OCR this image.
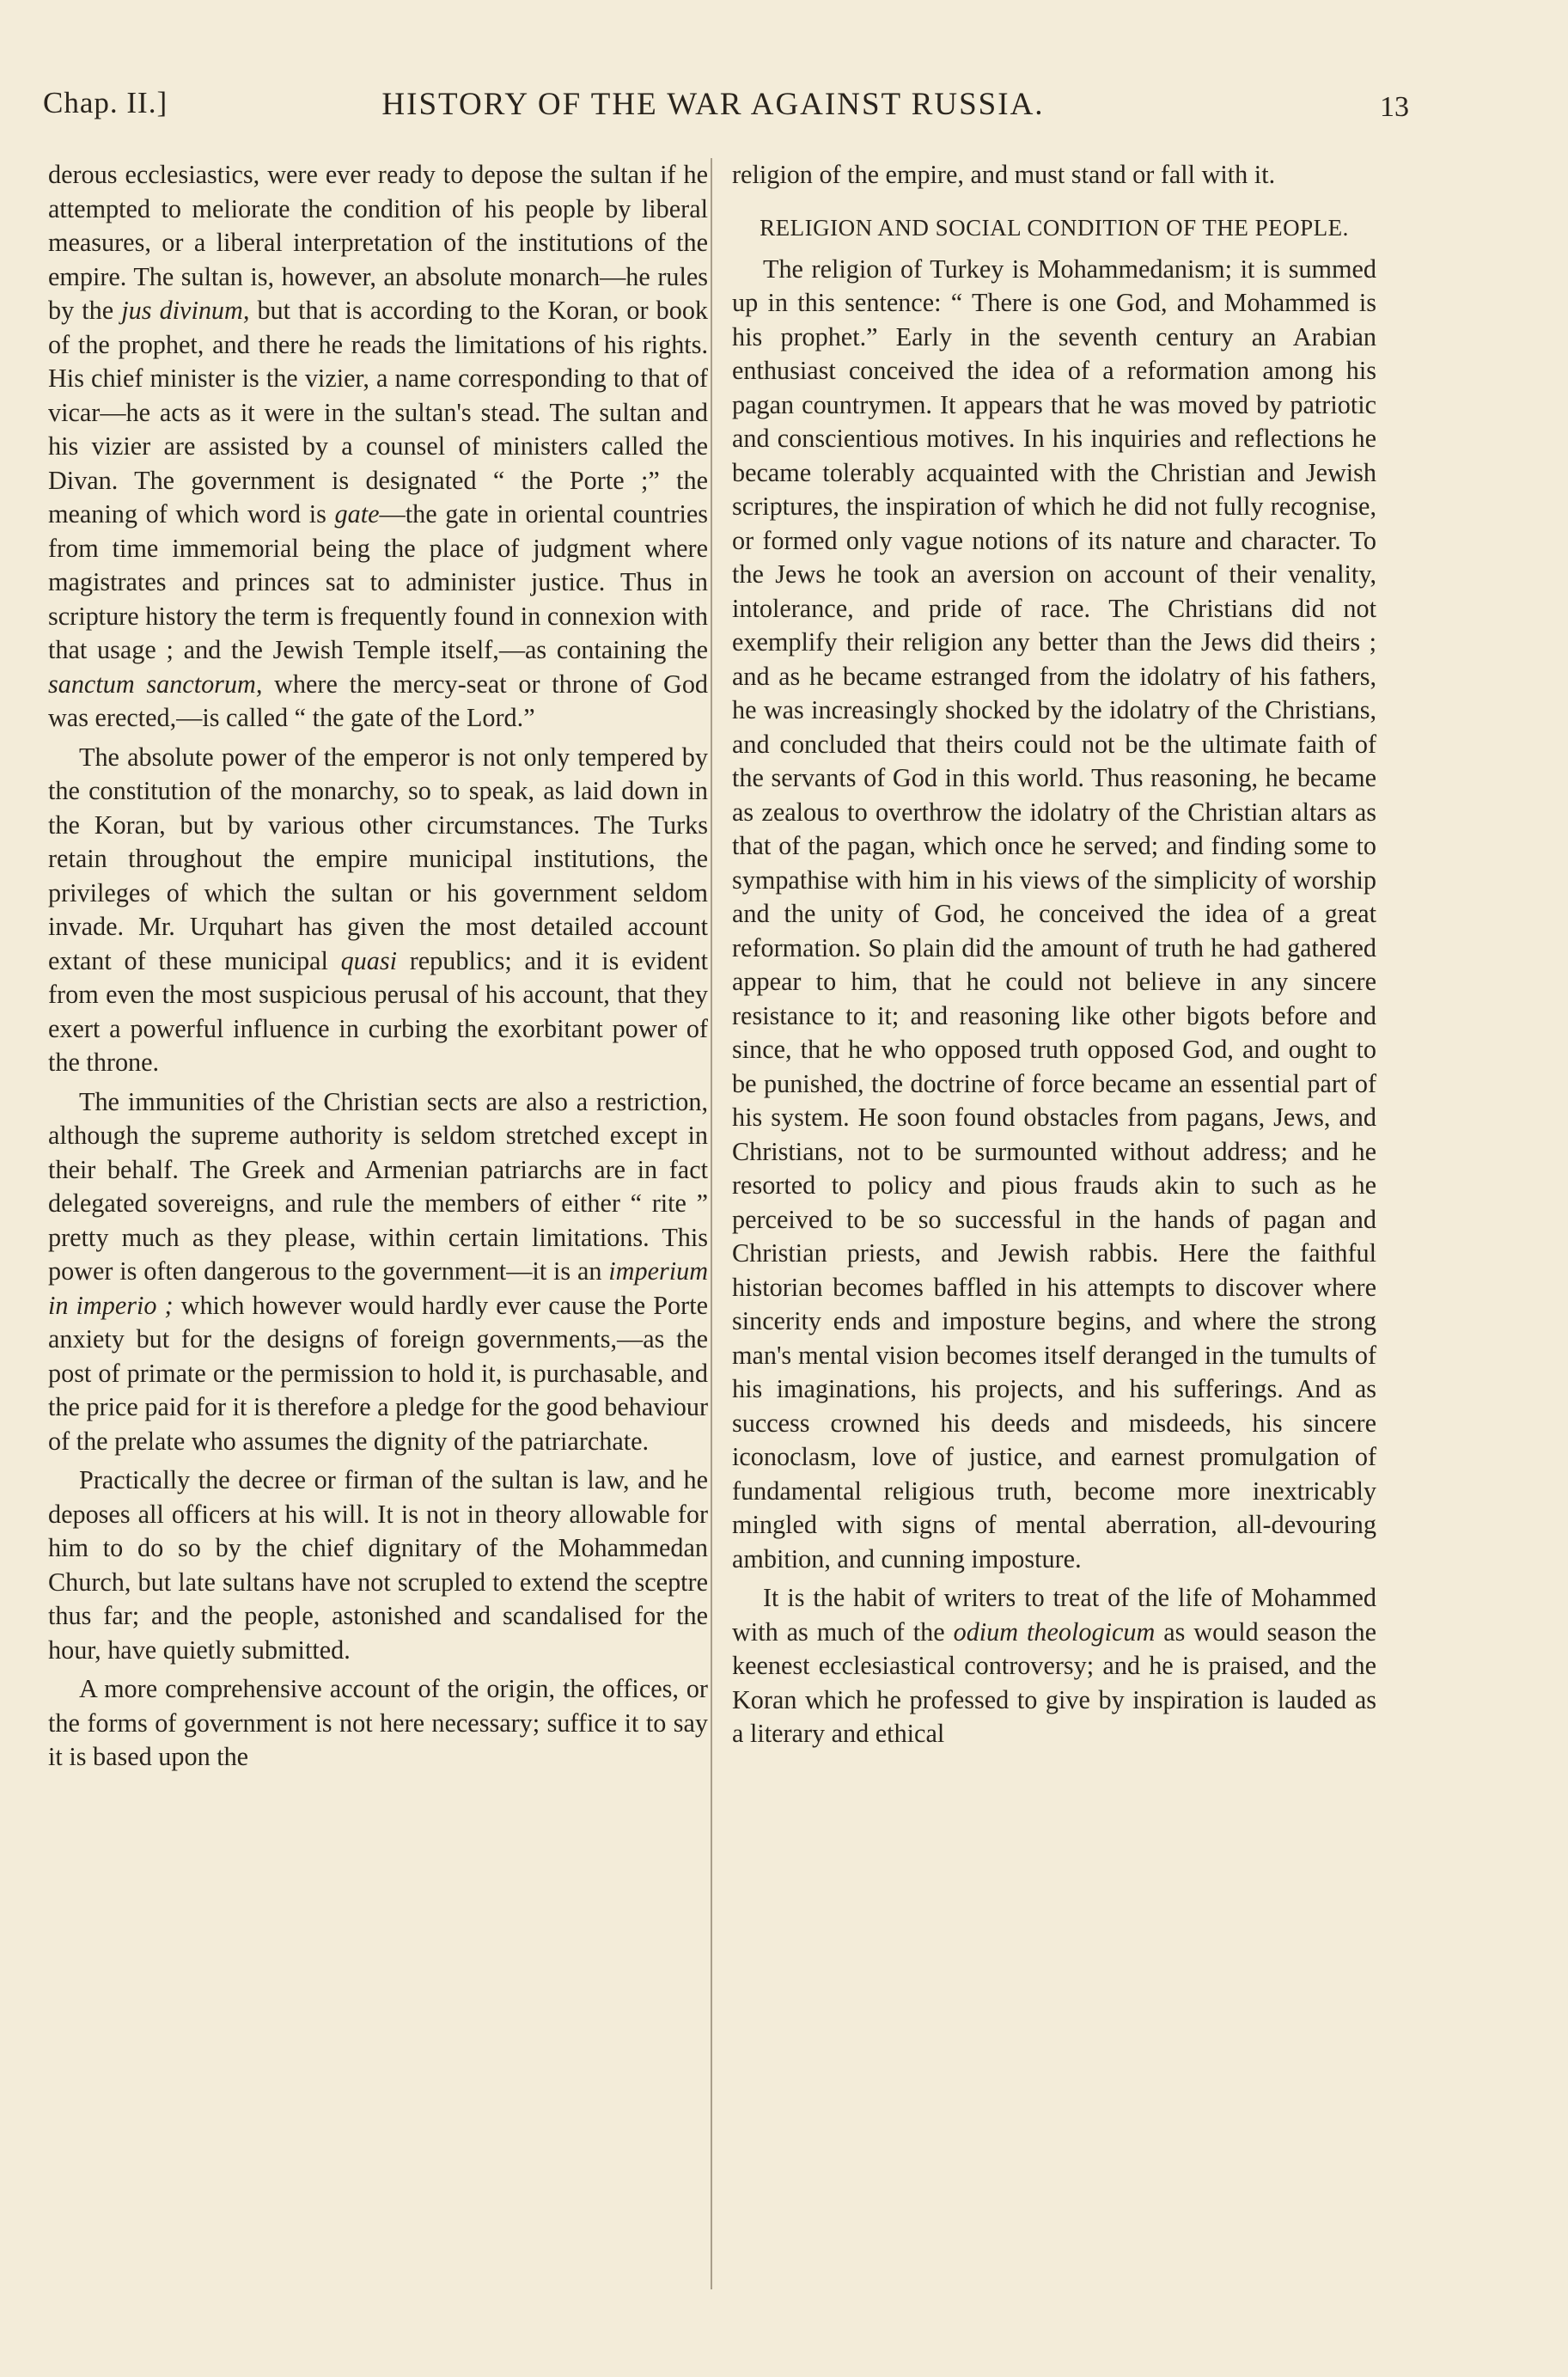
Chap. II.]	HISTORY OF THE WAR AGAINST RUSSIA.	13

derous ecclesiastics, were ever ready to depose the sultan if he attempted to meliorate the condition of his people by liberal measures, or a liberal interpretation of the institutions of the empire. The sultan is, however, an absolute monarch—he rules by the jus divinum, but that is according to the Koran, or book of the prophet, and there he reads the limitations of his rights. His chief minister is the vizier, a name corresponding to that of vicar—he acts as it were in the sultan's stead. The sultan and his vizier are assisted by a counsel of ministers called the Divan. The government is designated “ the Porte ;” the meaning of which word is gate—the gate in oriental countries from time immemorial being the place of judgment where magistrates and princes sat to administer justice. Thus in scripture history the term is frequently found in connexion with that usage ; and the Jewish Temple itself,—as containing the sanctum sanctorum, where the mercy-seat or throne of God was erected,—is called “ the gate of the Lord.”

The absolute power of the emperor is not only tempered by the constitution of the monarchy, so to speak, as laid down in the Koran, but by various other circumstances. The Turks retain throughout the empire municipal institutions, the privileges of which the sultan or his government seldom invade. Mr. Urquhart has given the most detailed account extant of these municipal quasi republics; and it is evident from even the most suspicious perusal of his account, that they exert a powerful influence in curbing the exorbitant power of the throne.

The immunities of the Christian sects are also a restriction, although the supreme authority is seldom stretched except in their behalf. The Greek and Armenian patriarchs are in fact delegated sovereigns, and rule the members of either “ rite ” pretty much as they please, within certain limitations. This power is often dangerous to the government—it is an imperium in imperio ; which however would hardly ever cause the Porte anxiety but for the designs of foreign governments,—as the post of primate or the permission to hold it, is purchasable, and the price paid for it is therefore a pledge for the good behaviour of the prelate who assumes the dignity of the patriarchate.

Practically the decree or firman of the sultan is law, and he deposes all officers at his will. It is not in theory allowable for him to do so by the chief dignitary of the Mohammedan Church, but late sultans have not scrupled to extend the sceptre thus far; and the people, astonished and scandalised for the hour, have quietly submitted.

A more comprehensive account of the origin, the offices, or the forms of government is not here necessary; suffice it to say it is based upon the

religion of the empire, and must stand or fall with it.

RELIGION AND SOCIAL CONDITION OF THE PEOPLE.

The religion of Turkey is Mohammedanism; it is summed up in this sentence: “ There is one God, and Mohammed is his prophet.” Early in the seventh century an Arabian enthusiast conceived the idea of a reformation among his pagan countrymen. It appears that he was moved by patriotic and conscientious motives. In his inquiries and reflections he became tolerably acquainted with the Christian and Jewish scriptures, the inspiration of which he did not fully recognise, or formed only vague notions of its nature and character. To the Jews he took an aversion on account of their venality, intolerance, and pride of race. The Christians did not exemplify their religion any better than the Jews did theirs ; and as he became estranged from the idolatry of his fathers, he was increasingly shocked by the idolatry of the Christians, and concluded that theirs could not be the ultimate faith of the servants of God in this world. Thus reasoning, he became as zealous to overthrow the idolatry of the Christian altars as that of the pagan, which once he served; and finding some to sympathise with him in his views of the simplicity of worship and the unity of God, he conceived the idea of a great reformation. So plain did the amount of truth he had gathered appear to him, that he could not believe in any sincere resistance to it; and reasoning like other bigots before and since, that he who opposed truth opposed God, and ought to be punished, the doctrine of force became an essential part of his system. He soon found obstacles from pagans, Jews, and Christians, not to be surmounted without address; and he resorted to policy and pious frauds akin to such as he perceived to be so successful in the hands of pagan and Christian priests, and Jewish rabbis. Here the faithful historian becomes baffled in his attempts to discover where sincerity ends and imposture begins, and where the strong man's mental vision becomes itself deranged in the tumults of his imaginations, his projects, and his sufferings. And as success crowned his deeds and misdeeds, his sincere iconoclasm, love of justice, and earnest promulgation of fundamental religious truth, become more inextricably mingled with signs of mental aberration, all-devouring ambition, and cunning imposture.

It is the habit of writers to treat of the life of Mohammed with as much of the odium theologicum as would season the keenest ecclesiastical controversy; and he is praised, and the Koran which he professed to give by inspiration is lauded as a literary and ethical
